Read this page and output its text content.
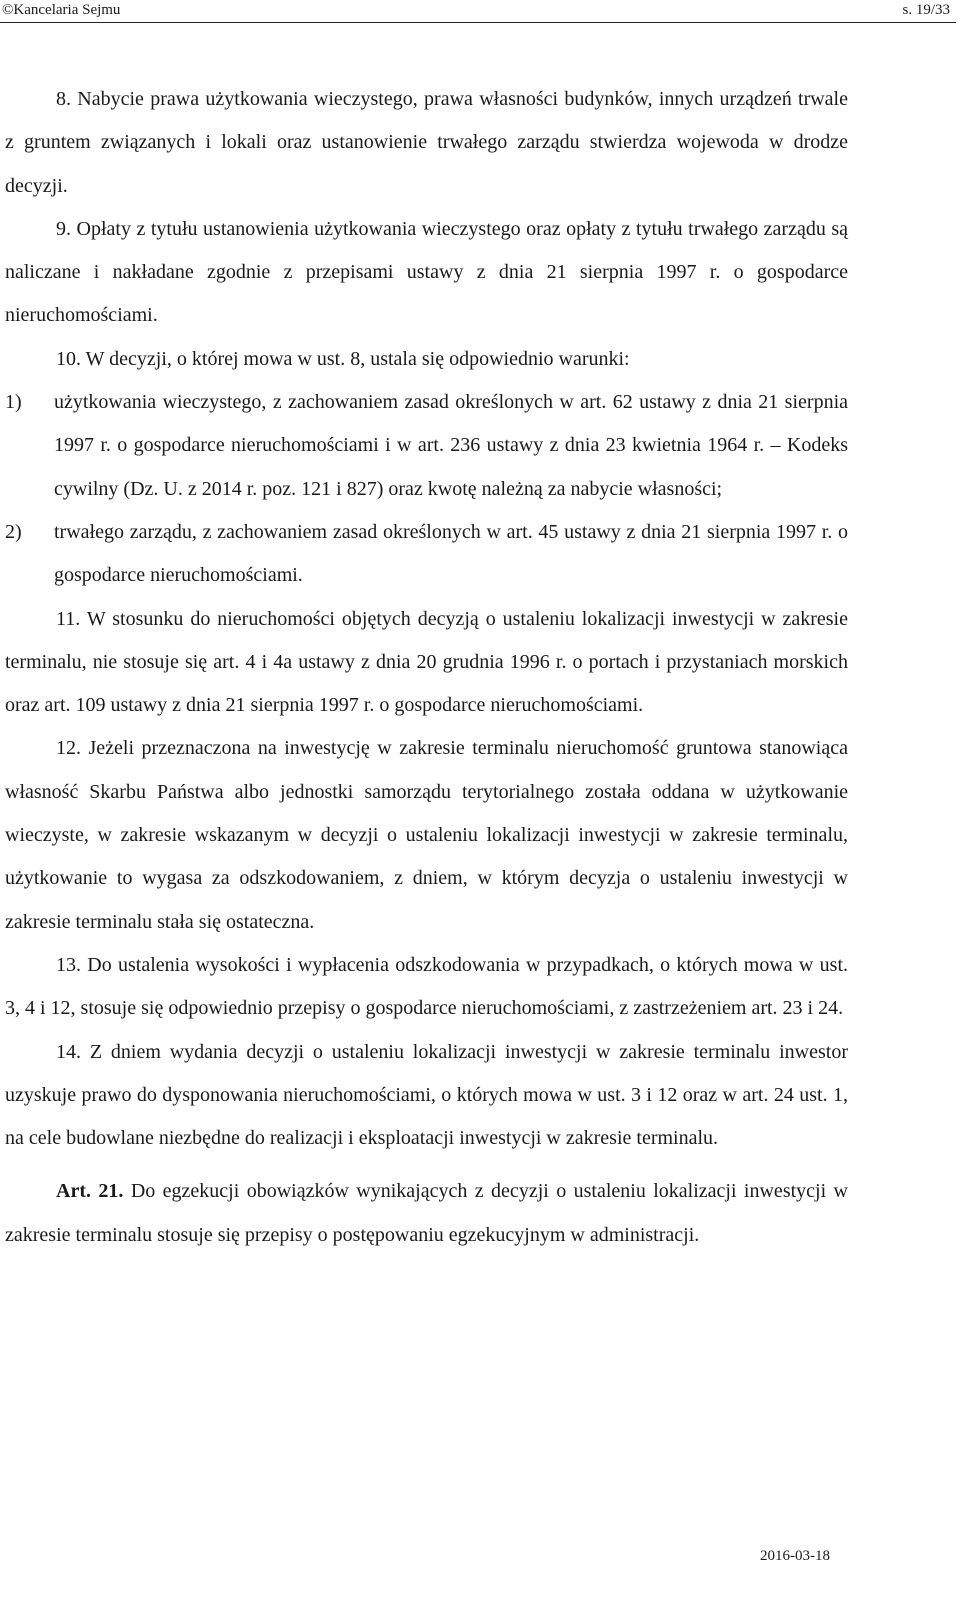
©Kancelaria Sejmu	s. 19/33

8. Nabycie prawa użytkowania wieczystego, prawa własności budynków, innych urządzeń trwale z gruntem związanych i lokali oraz ustanowienie trwałego zarządu stwierdza wojewoda w drodze decyzji.

9. Opłaty z tytułu ustanowienia użytkowania wieczystego oraz opłaty z tytułu trwałego zarządu są naliczane i nakładane zgodnie z przepisami ustawy z dnia 21 sierpnia 1997 r. o gospodarce nieruchomościami.

10. W decyzji, o której mowa w ust. 8, ustala się odpowiednio warunki:

1) użytkowania wieczystego, z zachowaniem zasad określonych w art. 62 ustawy z dnia 21 sierpnia 1997 r. o gospodarce nieruchomościami i w art. 236 ustawy z dnia 23 kwietnia 1964 r. – Kodeks cywilny (Dz. U. z 2014 r. poz. 121 i 827) oraz kwotę należną za nabycie własności;
2) trwałego zarządu, z zachowaniem zasad określonych w art. 45 ustawy z dnia 21 sierpnia 1997 r. o gospodarce nieruchomościami.

11. W stosunku do nieruchomości objętych decyzją o ustaleniu lokalizacji inwestycji w zakresie terminalu, nie stosuje się art. 4 i 4a ustawy z dnia 20 grudnia 1996 r. o portach i przystaniach morskich oraz art. 109 ustawy z dnia 21 sierpnia 1997 r. o gospodarce nieruchomościami.

12. Jeżeli przeznaczona na inwestycję w zakresie terminalu nieruchomość gruntowa stanowiąca własność Skarbu Państwa albo jednostki samorządu terytorialnego została oddana w użytkowanie wieczyste, w zakresie wskazanym w decyzji o ustaleniu lokalizacji inwestycji w zakresie terminalu, użytkowanie to wygasa za odszkodowaniem, z dniem, w którym decyzja o ustaleniu inwestycji w zakresie terminalu stała się ostateczna.

13. Do ustalenia wysokości i wypłacenia odszkodowania w przypadkach, o których mowa w ust. 3, 4 i 12, stosuje się odpowiednio przepisy o gospodarce nieruchomościami, z zastrzeżeniem art. 23 i 24.

14. Z dniem wydania decyzji o ustaleniu lokalizacji inwestycji w zakresie terminalu inwestor uzyskuje prawo do dysponowania nieruchomościami, o których mowa w ust. 3 i 12 oraz w art. 24 ust. 1, na cele budowlane niezbędne do realizacji i eksploatacji inwestycji w zakresie terminalu.

Art. 21. Do egzekucji obowiązków wynikających z decyzji o ustaleniu lokalizacji inwestycji w zakresie terminalu stosuje się przepisy o postępowaniu egzekucyjnym w administracji.

2016-03-18
